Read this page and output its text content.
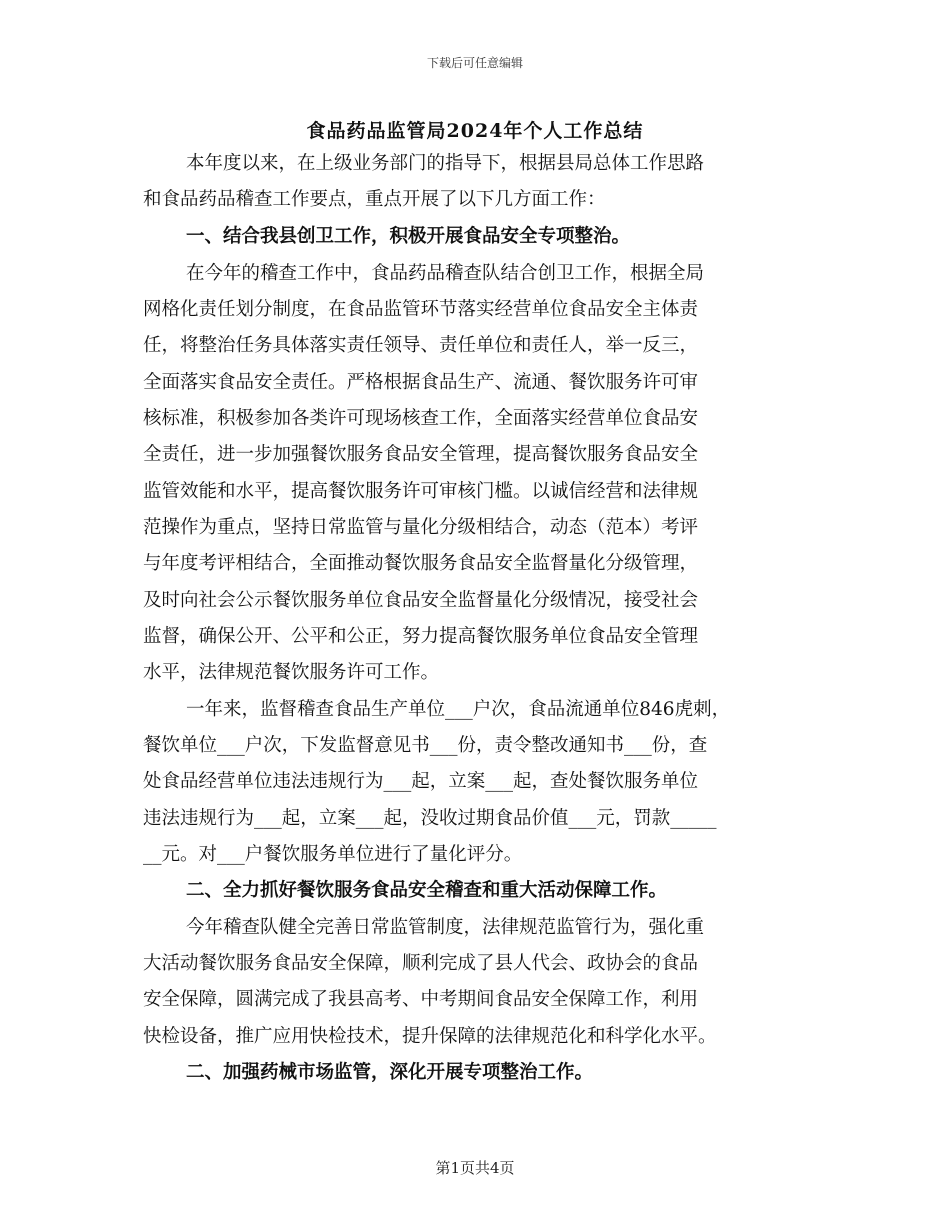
下载后可任意编辑
食品药品监管局2024年个人工作总结
本年度以来，在上级业务部门的指导下，根据县局总体工作思路
和食品药品稽查工作要点，重点开展了以下几方面工作：
一、结合我县创卫工作，积极开展食品安全专项整治。
在今年的稽查工作中，食品药品稽查队结合创卫工作，根据全局
网格化责任划分制度，在食品监管环节落实经营单位食品安全主体责
任，将整治任务具体落实责任领导、责任单位和责任人，举一反三，
全面落实食品安全责任。严格根据食品生产、流通、餐饮服务许可审
核标准，积极参加各类许可现场核查工作，全面落实经营单位食品安
全责任，进一步加强餐饮服务食品安全管理，提高餐饮服务食品安全
监管效能和水平，提高餐饮服务许可审核门槛。以诚信经营和法律规
范操作为重点，坚持日常监管与量化分级相结合，动态（范本）考评
与年度考评相结合，全面推动餐饮服务食品安全监督量化分级管理，
及时向社会公示餐饮服务单位食品安全监督量化分级情况，接受社会
监督，确保公开、公平和公正，努力提高餐饮服务单位食品安全管理
水平，法律规范餐饮服务许可工作。
一年来，监督稽查食品生产单位___户次，食品流通单位846虎刺，
餐饮单位___户次，下发监督意见书___份，责令整改通知书___份，查
处食品经营单位违法违规行为___起，立案___起，查处餐饮服务单位
违法违规行为___起，立案___起，没收过期食品价值___元，罚款_____
__元。对___户餐饮服务单位进行了量化评分。
二、全力抓好餐饮服务食品安全稽查和重大活动保障工作。
今年稽查队健全完善日常监管制度，法律规范监管行为，强化重
大活动餐饮服务食品安全保障，顺利完成了县人代会、政协会的食品
安全保障，圆满完成了我县高考、中考期间食品安全保障工作，利用
快检设备，推广应用快检技术，提升保障的法律规范化和科学化水平。
二、加强药械市场监管，深化开展专项整治工作。
第1页共4页
